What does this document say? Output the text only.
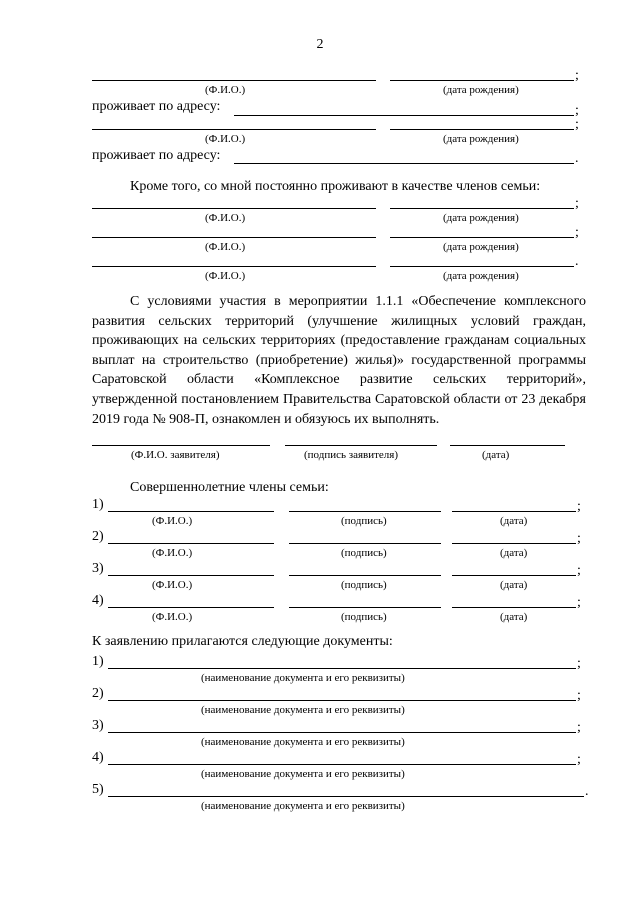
2
;
(Ф.И.О.)	(дата рождения)
проживает по адресу:	;
;
(Ф.И.О.)	(дата рождения)
проживает по адресу:	.
Кроме того, со мной постоянно проживают в качестве членов семьи:
;
(Ф.И.О.)	(дата рождения)
;
(Ф.И.О.)	(дата рождения)
.
(Ф.И.О.)	(дата рождения)
С условиями участия в мероприятии 1.1.1 «Обеспечение комплексного развития сельских территорий (улучшение жилищных условий граждан, проживающих на сельских территориях (предоставление гражданам социальных выплат на строительство (приобретение) жилья)» государственной программы Саратовской области «Комплексное развитие сельских территорий», утвержденной постановлением Правительства Саратовской области от 23 декабря 2019 года № 908-П, ознакомлен и обязуюсь их выполнять.
(Ф.И.О. заявителя)	(подпись заявителя)	(дата)
Совершеннолетние члены семьи:
1)	;
(Ф.И.О.)	(подпись)	(дата)
2)	;
(Ф.И.О.)	(подпись)	(дата)
3)	;
(Ф.И.О.)	(подпись)	(дата)
4)	;
(Ф.И.О.)	(подпись)	(дата)
К заявлению прилагаются следующие документы:
1)	;
(наименование документа и его реквизиты)
2)	;
(наименование документа и его реквизиты)
3)	;
(наименование документа и его реквизиты)
4)	;
(наименование документа и его реквизиты)
5)	.
(наименование документа и его реквизиты)
